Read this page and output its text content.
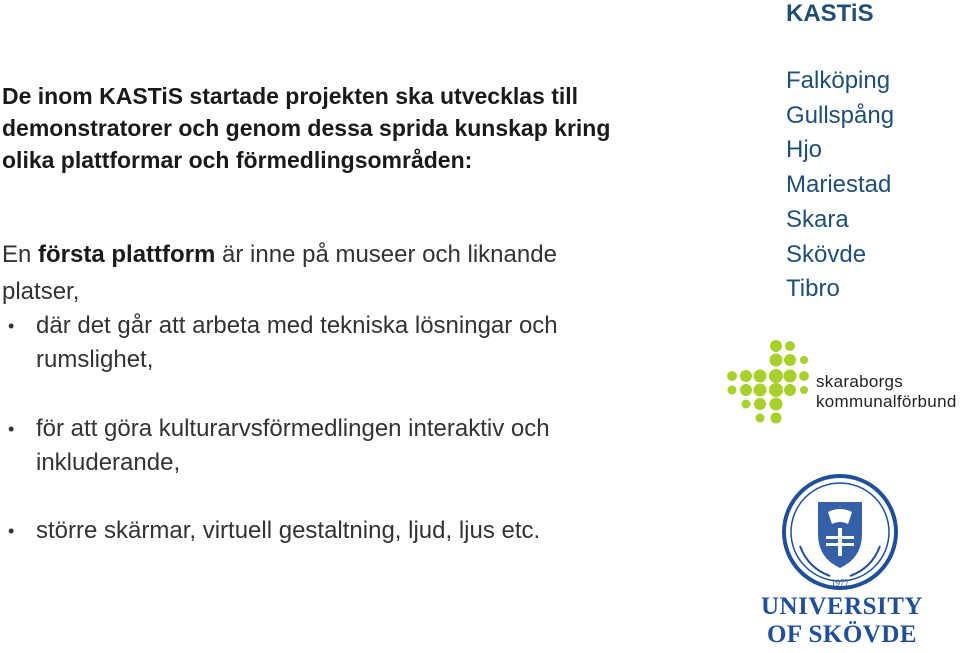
KASTiS
De inom KASTiS startade projekten ska utvecklas till demonstratorer och genom dessa sprida kunskap kring olika plattformar och förmedlingsområden:
En första plattform är inne på museer och liknande platser,
• där det går att arbeta med tekniska lösningar och rumslighet,
• för att göra kulturarvsförmedlingen interaktiv och inkluderande,
• större skärmar, virtuell gestaltning, ljud, ljus etc.
Falköping
Gullspång
Hjo
Mariestad
Skara
Skövde
Tibro
skaraborgs
kommunalförbund
1977
UNIVERSITY
OF SKÖVDE
